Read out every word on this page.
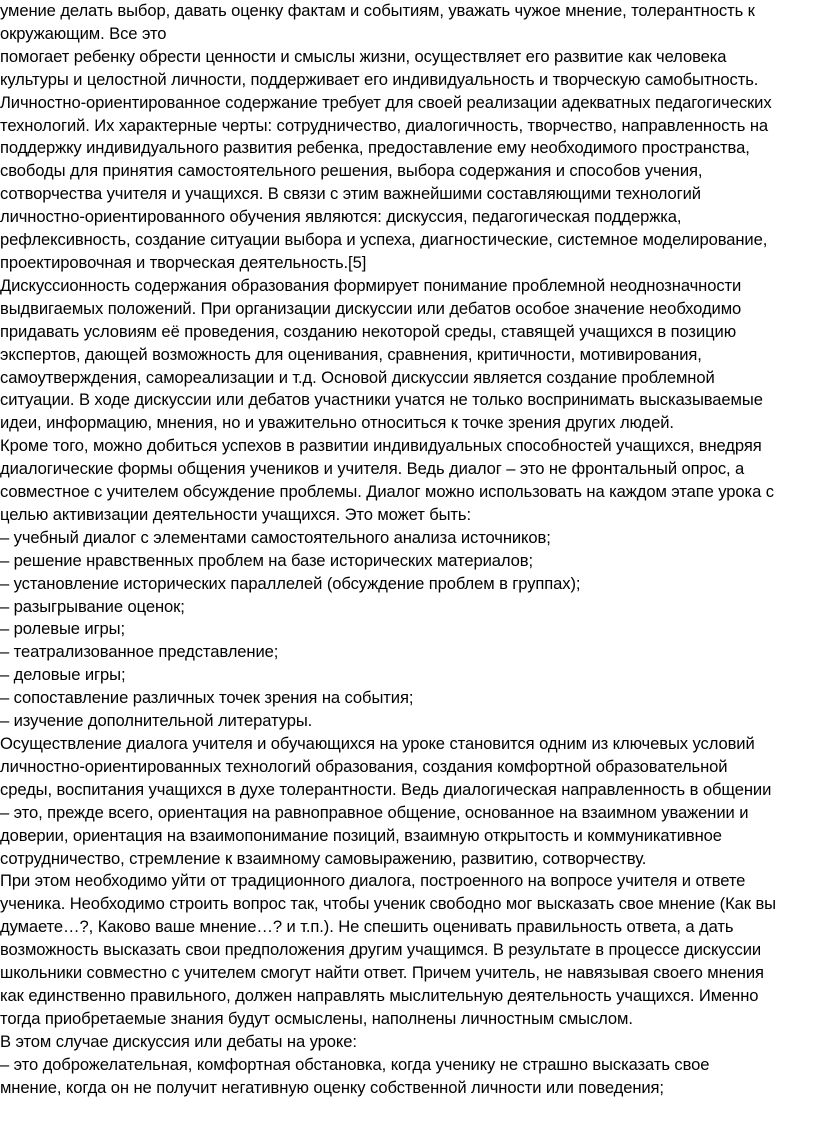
умение делать выбор, давать оценку фактам и событиям, уважать чужое мнение, толерантность к
окружающим. Все это
помогает ребенку обрести ценности и смыслы жизни, осуществляет его развитие как человека
культуры и целостной личности, поддерживает его индивидуальность и творческую самобытность.
Личностно-ориентированное содержание требует для своей реализации адекватных педагогических
технологий. Их характерные черты: сотрудничество, диалогичность, творчество, направленность на
поддержку индивидуального развития ребенка, предоставление ему необходимого пространства,
свободы для принятия самостоятельного решения, выбора содержания и способов учения,
сотворчества учителя и учащихся. В связи с этим важнейшими составляющими технологий
личностно-ориентированного обучения являются: дискуссия, педагогическая поддержка,
рефлексивность, создание ситуации выбора и успеха, диагностические, системное моделирование,
проектировочная и творческая деятельность.[5]
Дискуссионность содержания образования формирует понимание проблемной неоднозначности
выдвигаемых положений. При организации дискуссии или дебатов особое значение необходимо
придавать условиям её проведения, созданию некоторой среды, ставящей учащихся в позицию
экспертов, дающей возможность для оценивания, сравнения, критичности, мотивирования,
самоутверждения, самореализации и т.д. Основой дискуссии является создание проблемной
ситуации. В ходе дискуссии или дебатов участники учатся не только воспринимать высказываемые
идеи, информацию, мнения, но и уважительно относиться к точке зрения других людей.
Кроме того, можно добиться успехов в развитии индивидуальных способностей учащихся, внедряя
диалогические формы общения учеников и учителя. Ведь диалог – это не фронтальный опрос, а
совместное с учителем обсуждение проблемы. Диалог можно использовать на каждом этапе урока с
целью активизации деятельности учащихся. Это может быть:
– учебный диалог с элементами самостоятельного анализа источников;
– решение нравственных проблем на базе исторических материалов;
– установление исторических параллелей (обсуждение проблем в группах);
– разыгрывание оценок;
– ролевые игры;
– театрализованное представление;
– деловые игры;
– сопоставление различных точек зрения на события;
– изучение дополнительной литературы.
Осуществление диалога учителя и обучающихся на уроке становится одним из ключевых условий
личностно-ориентированных технологий образования, создания комфортной образовательной
среды, воспитания учащихся в духе толерантности. Ведь диалогическая направленность в общении
– это, прежде всего, ориентация на равноправное общение, основанное на взаимном уважении и
доверии, ориентация на взаимопонимание позиций, взаимную открытость и коммуникативное
сотрудничество, стремление к взаимному самовыражению, развитию, сотворчеству.
При этом необходимо уйти от традиционного диалога, построенного на вопросе учителя и ответе
ученика. Необходимо строить вопрос так, чтобы ученик свободно мог высказать свое мнение (Как вы
думаете…?, Каково ваше мнение…? и т.п.). Не спешить оценивать правильность ответа, а дать
возможность высказать свои предположения другим учащимся. В результате в процессе дискуссии
школьники совместно с учителем смогут найти ответ. Причем учитель, не навязывая своего мнения
как единственно правильного, должен направлять мыслительную деятельность учащихся. Именно
тогда приобретаемые знания будут осмыслены, наполнены личностным смыслом.
В этом случае дискуссия или дебаты на уроке:
– это доброжелательная, комфортная обстановка, когда ученику не страшно высказать свое
мнение, когда он не получит негативную оценку собственной личности или поведения;
